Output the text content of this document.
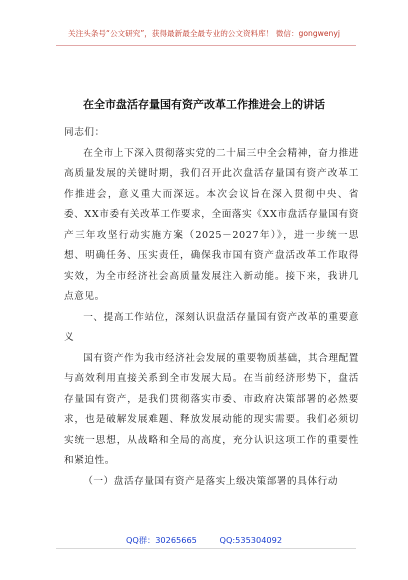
关注头条号“公文研究”，获得最新最全最专业的公文资料库！ 微信：gongwenyj
在全市盘活存量国有资产改革工作推进会上的讲话

同志们：

在全市上下深入贯彻落实党的二十届三中全会精神，奋力推进高质量发展的关键时期，我们召开此次盘活存量国有资产改革工作推进会，意义重大而深远。本次会议旨在深入贯彻中央、省委、XX市委有关改革工作要求，全面落实《XX市盘活存量国有资产三年攻坚行动实施方案（2025－2027年）》，进一步统一思想、明确任务、压实责任，确保我市国有资产盘活改革工作取得实效，为全市经济社会高质量发展注入新动能。接下来，我讲几点意见。

一、提高工作站位，深刻认识盘活存量国有资产改革的重要意义

国有资产作为我市经济社会发展的重要物质基础，其合理配置与高效利用直接关系到全市发展大局。在当前经济形势下，盘活存量国有资产，是我们贯彻落实市委、市政府决策部署的必然要求，也是破解发展难题、释放发展动能的现实需要。我们必须切实统一思想，从战略和全局的高度，充分认识这项工作的重要性和紧迫性。

（一）盘活存量国有资产是落实上级决策部署的具体行动

QQ群：30265665	QQ:535304092
